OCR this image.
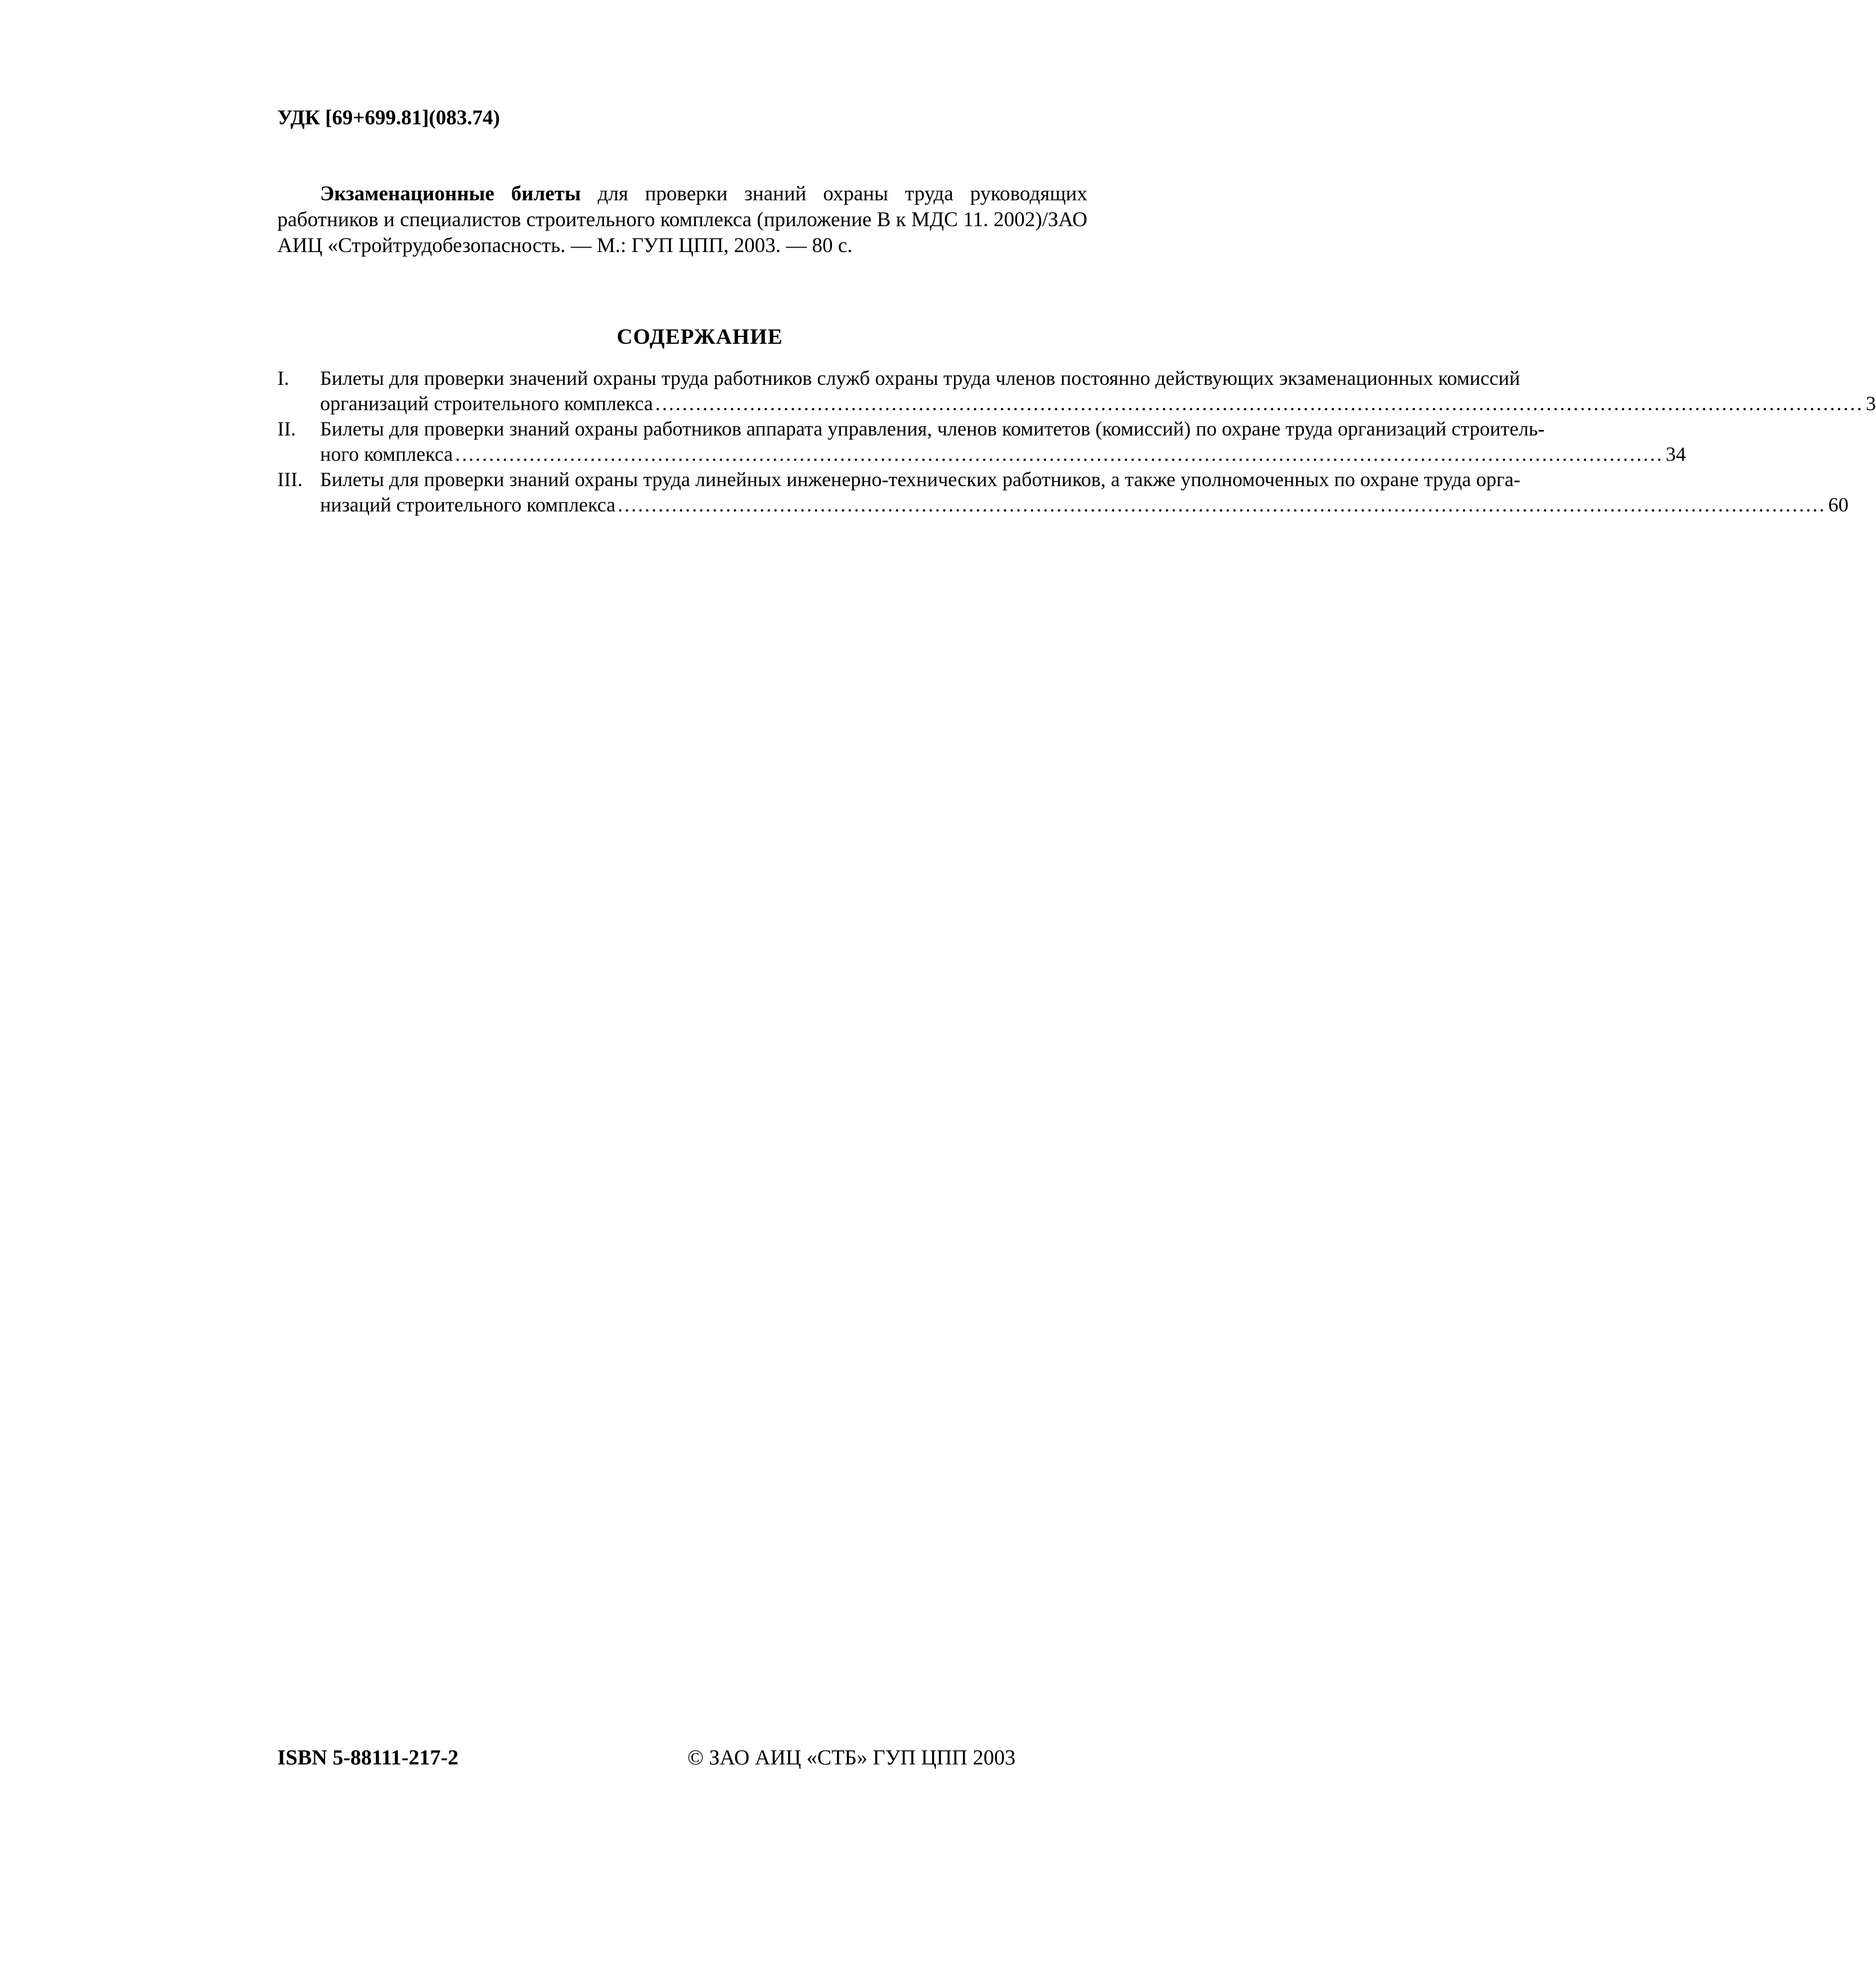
УДК [69+699.81](083.74)

Экзаменационные билеты для проверки знаний охраны труда руководящих работников и специалистов строительного комплекса (приложение В к МДС 11. 2002)/ЗАО АИЦ «Стройтрудобезопасность. — М.: ГУП ЦПП, 2003. — 80 с.

СОДЕРЖАНИЕ
I.	Билеты для проверки значений охраны труда работников служб охраны труда членов постоянно действующих экзаменационных комиссий
организаций строительного комплекса .....	3
II.	Билеты для проверки знаний охраны работников аппарата управления, членов комитетов (комиссий) по охране труда организаций строитель-
ного комплекса .....	34
III. Билеты для проверки знаний охраны труда линейных инженерно-технических работников, а также уполномоченных по охране труда орга-
низаций строительного комплекса .....	60
ISBN 5-88111-217-2	© ЗАО АИЦ «СТБ» ГУП ЦПП 2003
